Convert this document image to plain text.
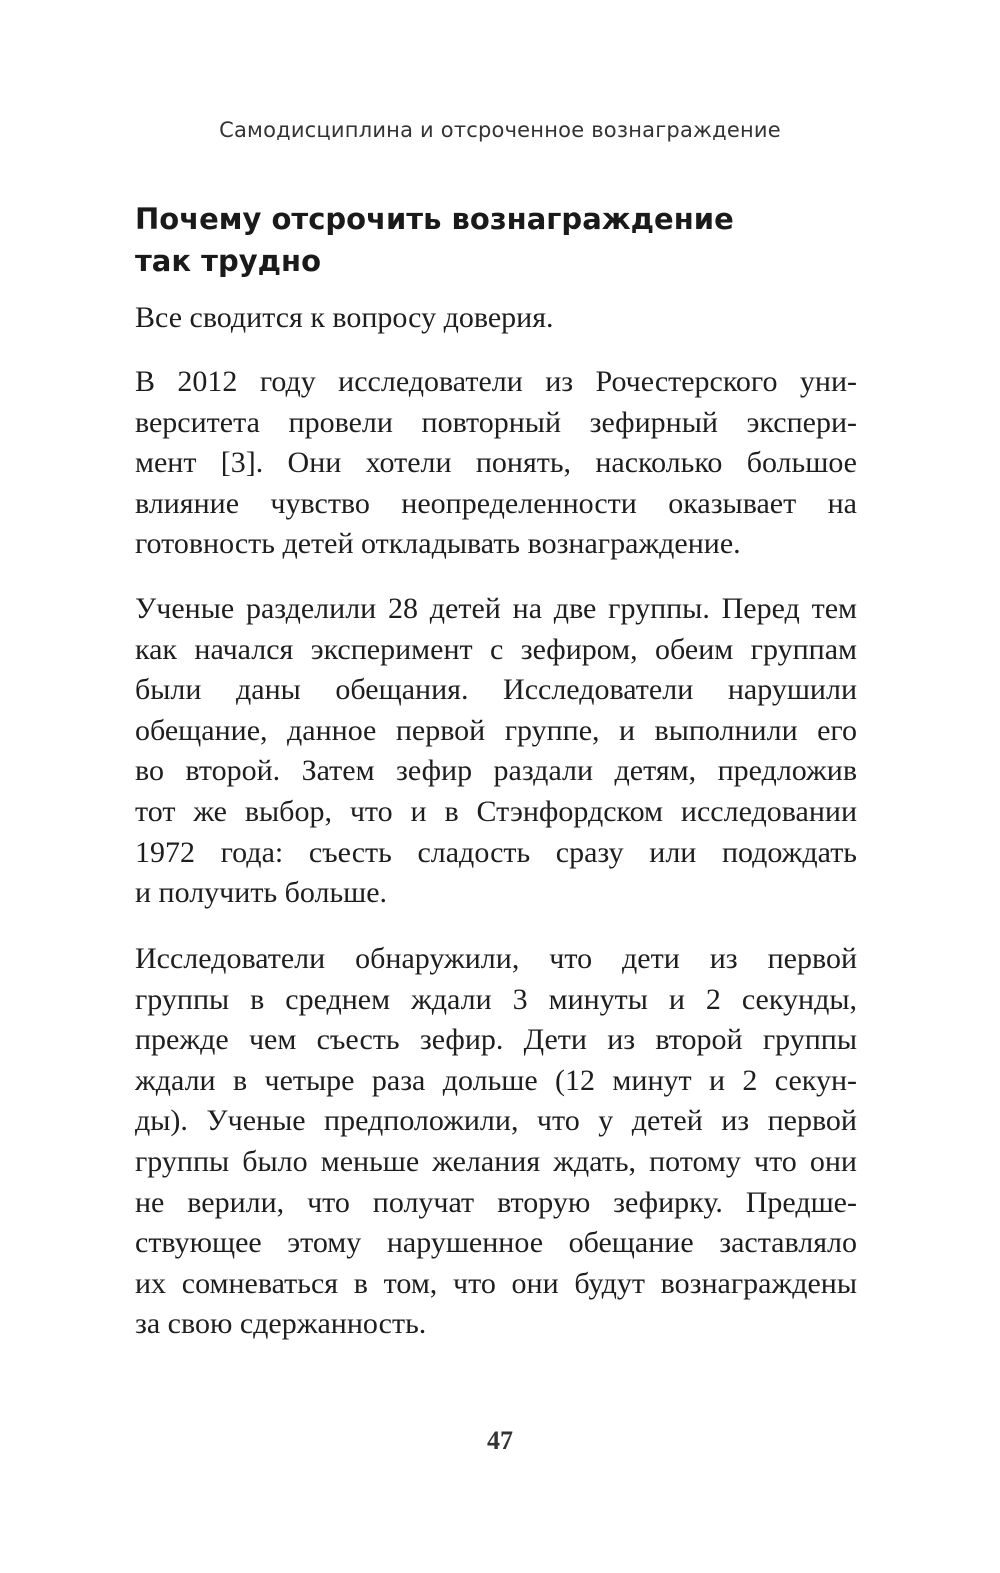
Самодисциплина и отсроченное вознаграждение
Почему отсрочить вознаграждение
так трудно

Все сводится к вопросу доверия.

В 2012 году исследователи из Рочестерского уни-
верситета провели повторный зефирный экспери-
мент [3]. Они хотели понять, насколько большое
влияние чувство неопределенности оказывает на
готовность детей откладывать вознаграждение.

Ученые разделили 28 детей на две группы. Перед тем
как начался эксперимент с зефиром, обеим группам
были даны обещания. Исследователи нарушили
обещание, данное первой группе, и выполнили его
во второй. Затем зефир раздали детям, предложив
тот же выбор, что и в Стэнфордском исследовании
1972 года: съесть сладость сразу или подождать
и получить больше.

Исследователи обнаружили, что дети из первой
группы в среднем ждали 3 минуты и 2 секунды,
прежде чем съесть зефир. Дети из второй группы
ждали в четыре раза дольше (12 минут и 2 секун-
ды). Ученые предположили, что у детей из первой
группы было меньше желания ждать, потому что они
не верили, что получат вторую зефирку. Предше-
ствующее этому нарушенное обещание заставляло
их сомневаться в том, что они будут вознаграждены
за свою сдержанность.

47
